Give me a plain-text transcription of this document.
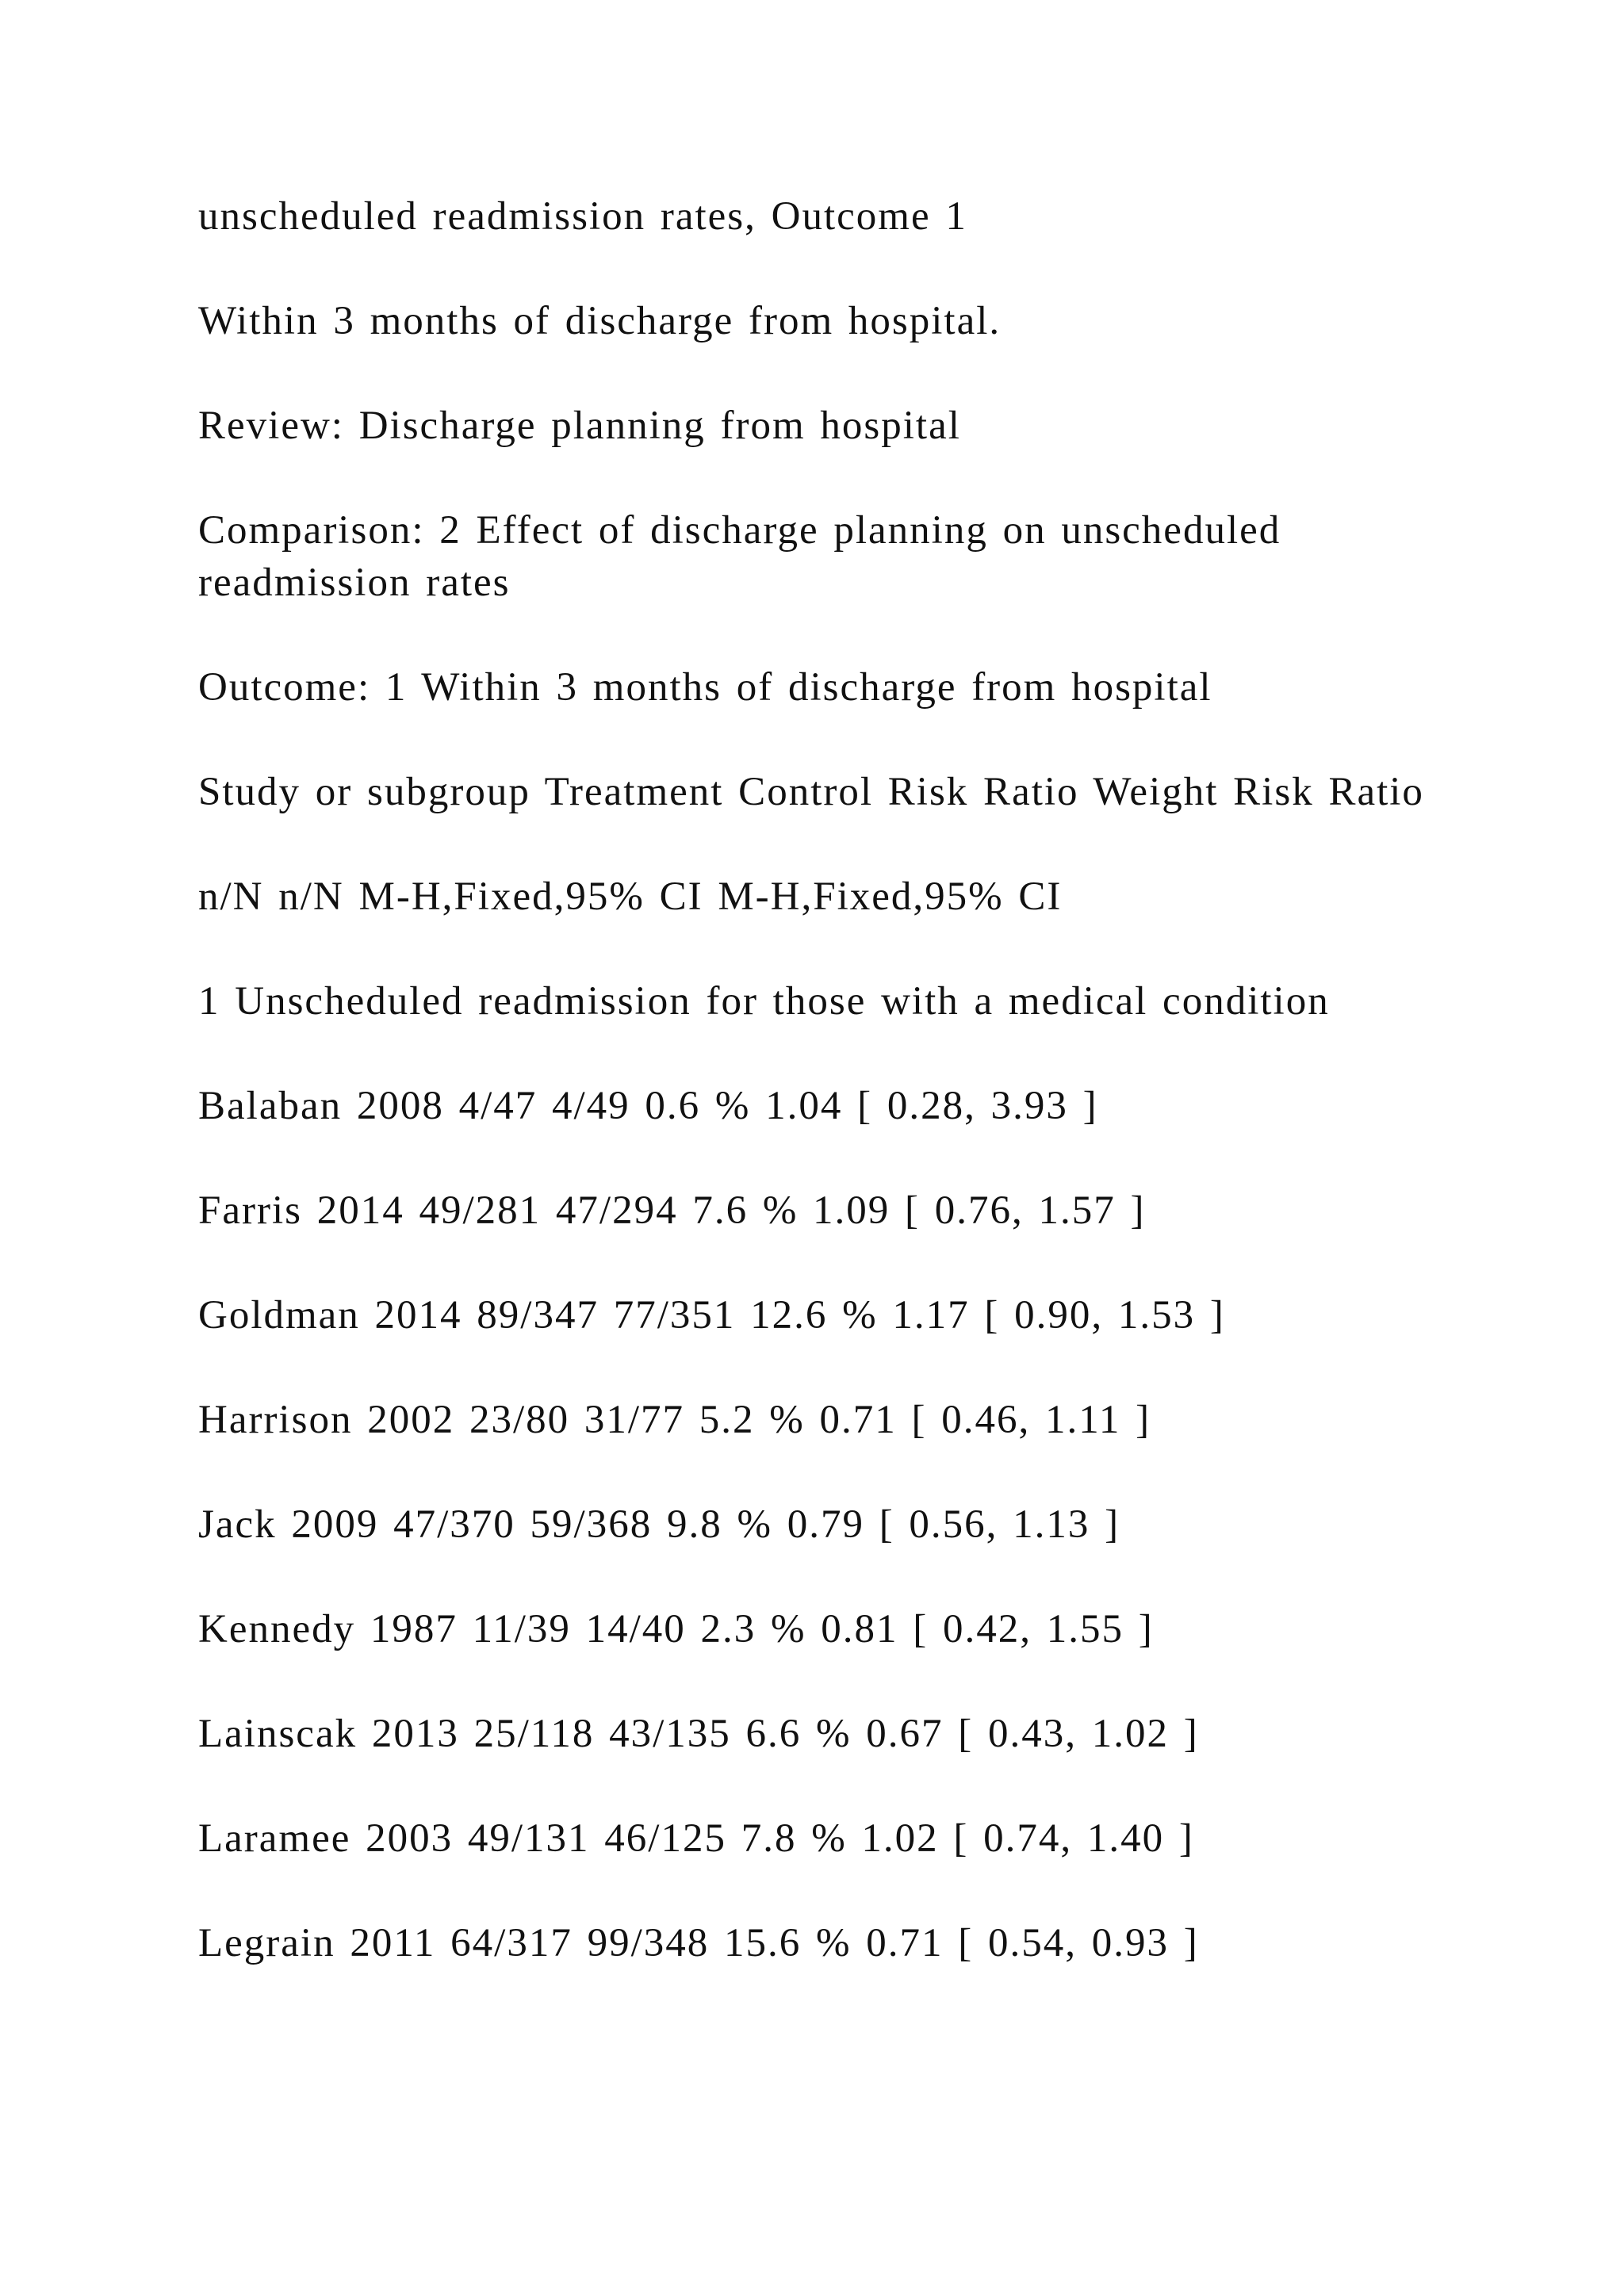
unscheduled readmission rates, Outcome 1

Within 3 months of discharge from hospital.

Review: Discharge planning from hospital

Comparison: 2 Effect of discharge planning on unscheduled readmission rates

Outcome: 1 Within 3 months of discharge from hospital

Study or subgroup Treatment Control Risk Ratio Weight Risk Ratio

n/N n/N M-H,Fixed,95% CI M-H,Fixed,95% CI

1 Unscheduled readmission for those with a medical condition

Balaban 2008 4/47 4/49 0.6 % 1.04 [ 0.28, 3.93 ]

Farris 2014 49/281 47/294 7.6 % 1.09 [ 0.76, 1.57 ]

Goldman 2014 89/347 77/351 12.6 % 1.17 [ 0.90, 1.53 ]

Harrison 2002 23/80 31/77 5.2 % 0.71 [ 0.46, 1.11 ]

Jack 2009 47/370 59/368 9.8 % 0.79 [ 0.56, 1.13 ]

Kennedy 1987 11/39 14/40 2.3 % 0.81 [ 0.42, 1.55 ]

Lainscak 2013 25/118 43/135 6.6 % 0.67 [ 0.43, 1.02 ]

Laramee 2003 49/131 46/125 7.8 % 1.02 [ 0.74, 1.40 ]

Legrain 2011 64/317 99/348 15.6 % 0.71 [ 0.54, 0.93 ]
